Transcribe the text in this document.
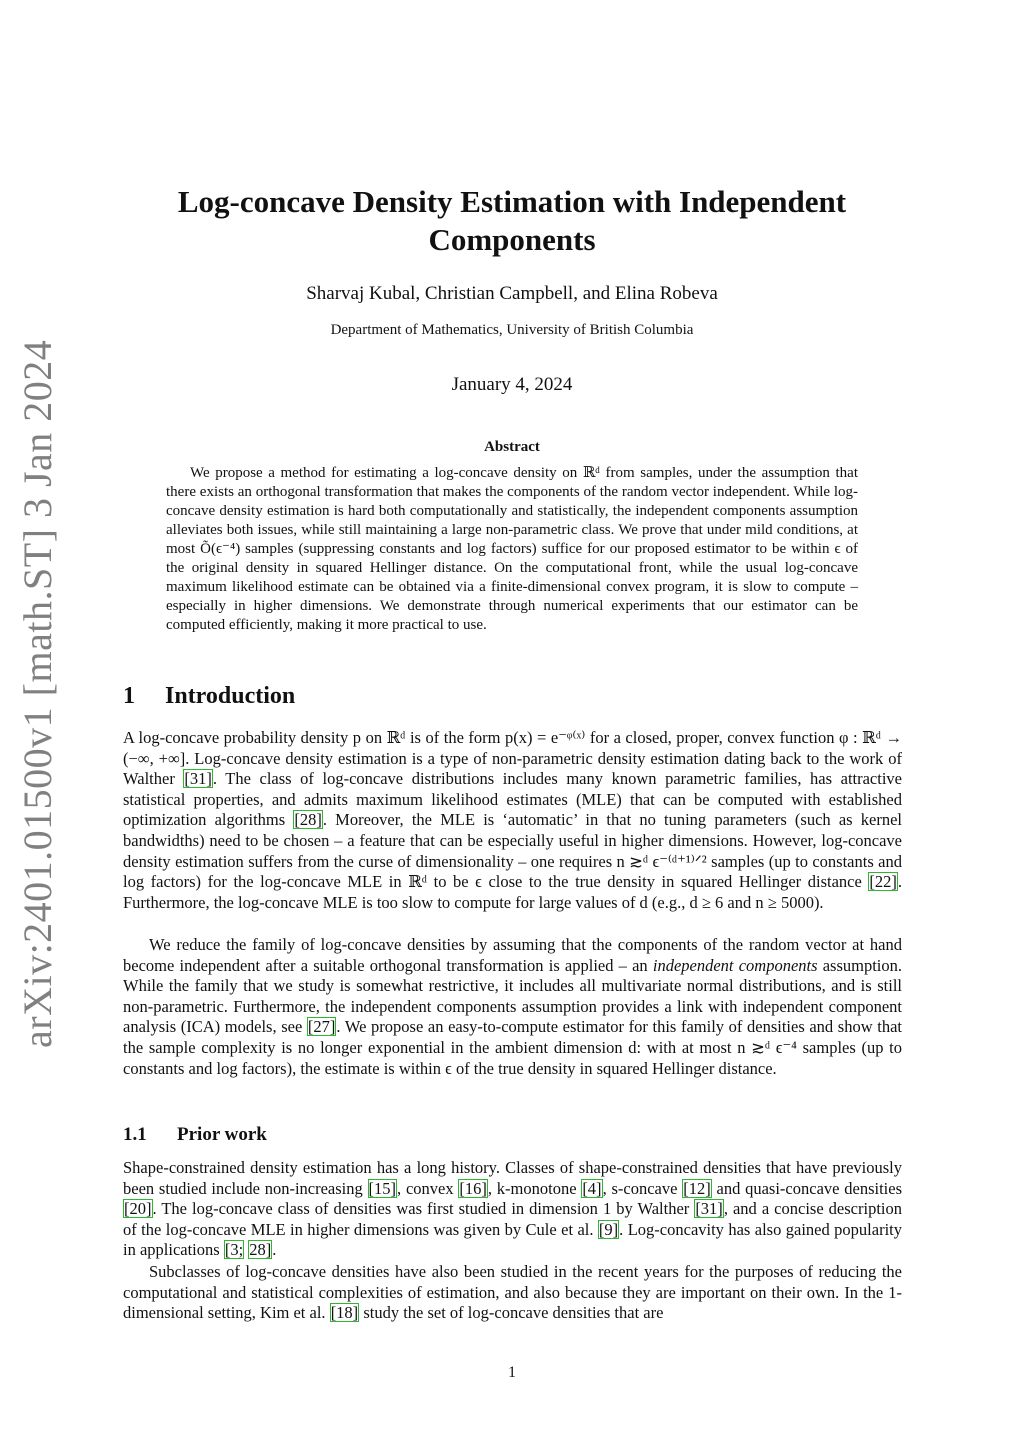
arXiv:2401.01500v1 [math.ST] 3 Jan 2024
Log-concave Density Estimation with Independent Components
Sharvaj Kubal, Christian Campbell, and Elina Robeva
Department of Mathematics, University of British Columbia
January 4, 2024
Abstract

We propose a method for estimating a log-concave density on ℝᵈ from samples, under the assumption that there exists an orthogonal transformation that makes the components of the random vector independent. While log-concave density estimation is hard both computationally and statistically, the independent components assumption alleviates both issues, while still maintaining a large non-parametric class. We prove that under mild conditions, at most Õ(ϵ⁻⁴) samples (suppressing constants and log factors) suffice for our proposed estimator to be within ϵ of the original density in squared Hellinger distance. On the computational front, while the usual log-concave maximum likelihood estimate can be obtained via a finite-dimensional convex program, it is slow to compute – especially in higher dimensions. We demonstrate through numerical experiments that our estimator can be computed efficiently, making it more practical to use.

1 Introduction

A log-concave probability density p on ℝᵈ is of the form p(x) = e⁻ᵠ⁽ˣ⁾ for a closed, proper, convex function φ : ℝᵈ → (−∞, +∞]. Log-concave density estimation is a type of non-parametric density estimation dating back to the work of Walther [31]. The class of log-concave distributions includes many known parametric families, has attractive statistical properties, and admits maximum likelihood estimates (MLE) that can be computed with established optimization algorithms [28]. Moreover, the MLE is ‘automatic’ in that no tuning parameters (such as kernel bandwidths) need to be chosen – a feature that can be especially useful in higher dimensions. However, log-concave density estimation suffers from the curse of dimensionality – one requires n ≳ᵈ ϵ⁻⁽ᵈ⁺¹⁾ᐟ² samples (up to constants and log factors) for the log-concave MLE in ℝᵈ to be ϵ close to the true density in squared Hellinger distance [22]. Furthermore, the log-concave MLE is too slow to compute for large values of d (e.g., d ≥ 6 and n ≥ 5000).

We reduce the family of log-concave densities by assuming that the components of the random vector at hand become independent after a suitable orthogonal transformation is applied – an independent components assumption. While the family that we study is somewhat restrictive, it includes all multivariate normal distributions, and is still non-parametric. Furthermore, the independent components assumption provides a link with independent component analysis (ICA) models, see [27]. We propose an easy-to-compute estimator for this family of densities and show that the sample complexity is no longer exponential in the ambient dimension d: with at most n ≳ᵈ ϵ⁻⁴ samples (up to constants and log factors), the estimate is within ϵ of the true density in squared Hellinger distance.

1.1 Prior work

Shape-constrained density estimation has a long history. Classes of shape-constrained densities that have previously been studied include non-increasing [15], convex [16], k-monotone [4], s-concave [12] and quasi-concave densities [20]. The log-concave class of densities was first studied in dimension 1 by Walther [31], and a concise description of the log-concave MLE in higher dimensions was given by Cule et al. [9]. Log-concavity has also gained popularity in applications [3; 28].

Subclasses of log-concave densities have also been studied in the recent years for the purposes of reducing the computational and statistical complexities of estimation, and also because they are important on their own. In the 1-dimensional setting, Kim et al. [18] study the set of log-concave densities that are

1
